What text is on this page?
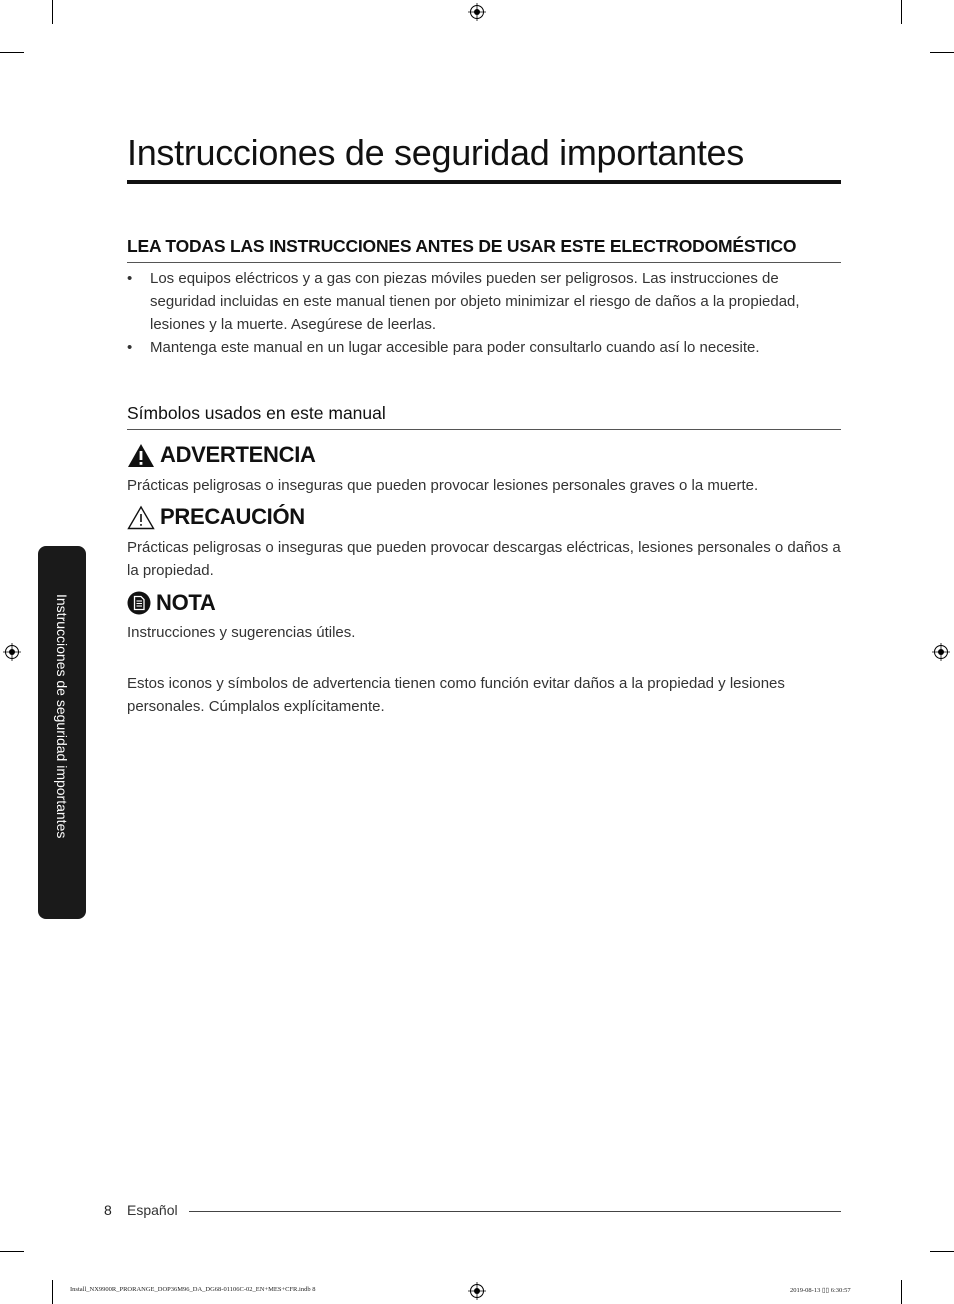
Instrucciones de seguridad importantes
LEA TODAS LAS INSTRUCCIONES ANTES DE USAR ESTE ELECTRODOMÉSTICO
• Los equipos eléctricos y a gas con piezas móviles pueden ser peligrosos. Las instrucciones de seguridad incluidas en este manual tienen por objeto minimizar el riesgo de daños a la propiedad, lesiones y la muerte. Asegúrese de leerlas.
• Mantenga este manual en un lugar accesible para poder consultarlo cuando así lo necesite.
Símbolos usados en este manual
ADVERTENCIA
Prácticas peligrosas o inseguras que pueden provocar lesiones personales graves o la muerte.
PRECAUCIÓN
Prácticas peligrosas o inseguras que pueden provocar descargas eléctricas, lesiones personales o daños a la propiedad.
NOTA
Instrucciones y sugerencias útiles.
Estos iconos y símbolos de advertencia tienen como función evitar daños a la propiedad y lesiones personales. Cúmplalos explícitamente.
Instrucciones de seguridad importantes
8 Español
Install_NX9900R_PRORANGE_DOP36M96_DA_DG68-01106C-02_EN+MES+CFR.indb 8	2019-08-13 ▯▯ 6:30:57
